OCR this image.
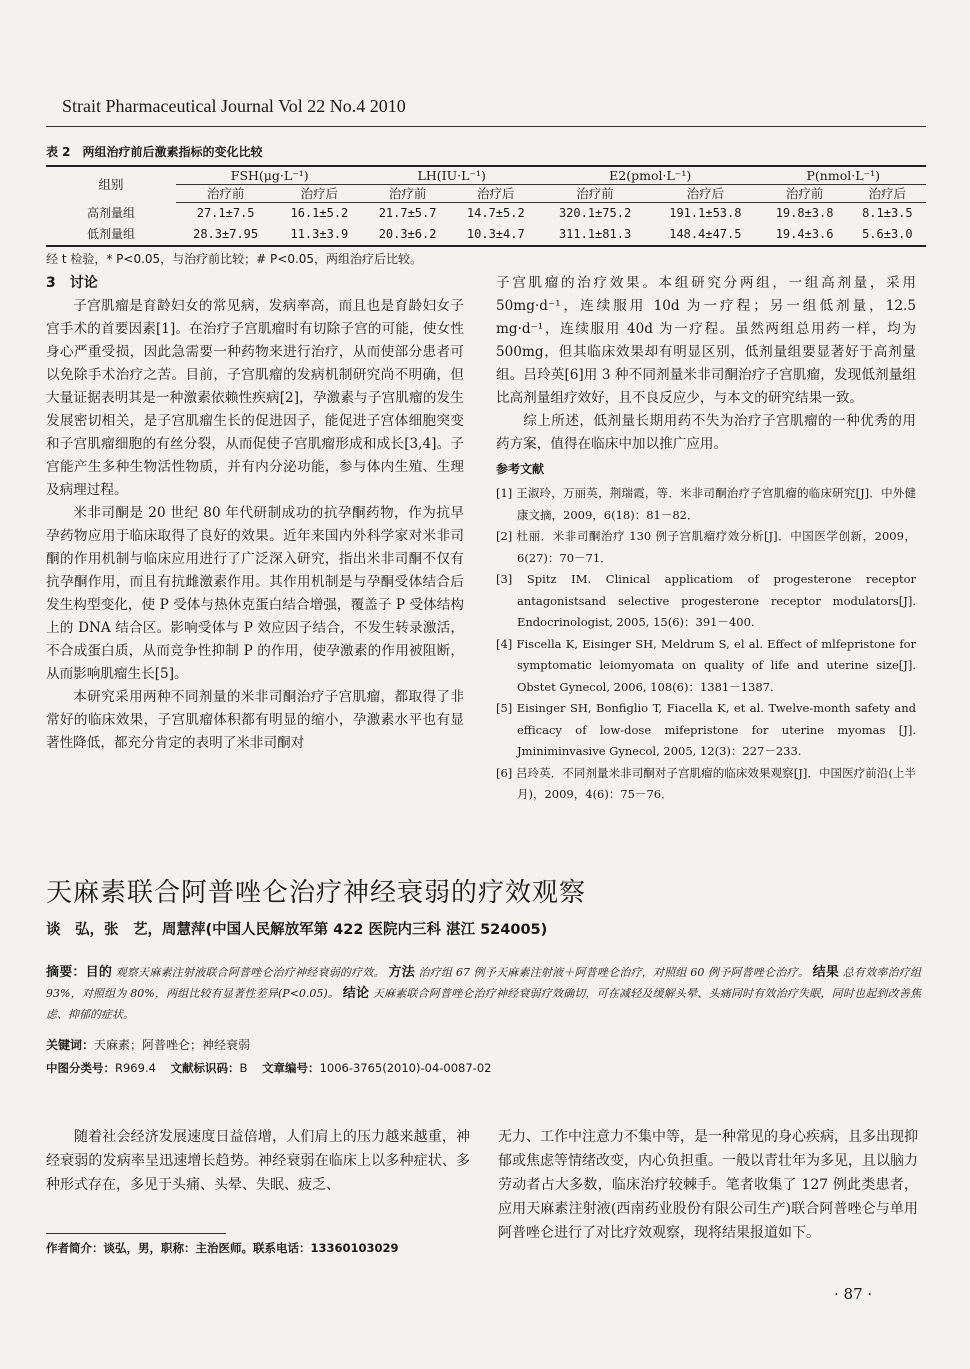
Strait Pharmaceutical Journal Vol 22 No.4 2010
表 2　两组治疗前后激素指标的变化比较
组别	FSH(μg·L⁻¹)		LH(IU·L⁻¹)		E2(pmol·L⁻¹)		P(nmol·L⁻¹)	
	治疗前	治疗后	治疗前	治疗后	治疗前	治疗后	治疗前	治疗后
高剂量组	27.1±7.5	16.1±5.2	21.7±5.7	14.7±5.2	320.1±75.2	191.1±53.8	19.8±3.8	8.1±3.5
低剂量组	28.3±7.95	11.3±3.9	20.3±6.2	10.3±4.7	311.1±81.3	148.4±47.5	19.4±3.6	5.6±3.0
经 t 检验，* P<0.05，与治疗前比较；# P<0.05，两组治疗后比较。
3　讨论

子宫肌瘤是育龄妇女的常见病，发病率高，而且也是育龄妇女子宫手术的首要因素[1]。在治疗子宫肌瘤时有切除子宫的可能，使女性身心严重受损，因此急需要一种药物来进行治疗，从而使部分患者可以免除手术治疗之苦。目前，子宫肌瘤的发病机制研究尚不明确，但大量证据表明其是一种激素依赖性疾病[2]，孕激素与子宫肌瘤的发生发展密切相关，是子宫肌瘤生长的促进因子，能促进子宫体细胞突变和子宫肌瘤细胞的有丝分裂，从而促使子宫肌瘤形成和成长[3,4]。子宫能产生多种生物活性物质，并有内分泌功能，参与体内生殖、生理及病理过程。

米非司酮是 20 世纪 80 年代研制成功的抗孕酮药物，作为抗早孕药物应用于临床取得了良好的效果。近年来国内外科学家对米非司酮的作用机制与临床应用进行了广泛深入研究，指出米非司酮不仅有抗孕酮作用，而且有抗雌激素作用。其作用机制是与孕酮受体结合后发生构型变化，使 P 受体与热休克蛋白结合增强，覆盖子 P 受体结构上的 DNA 结合区。影响受体与 P 效应因子结合，不发生转录激活，不合成蛋白质，从而竞争性抑制 P 的作用，使孕激素的作用被阻断，从而影响肌瘤生长[5]。

本研究采用两种不同剂量的米非司酮治疗子宫肌瘤，都取得了非常好的临床效果，子宫肌瘤体积都有明显的缩小，孕激素水平也有显著性降低，都充分肯定的表明了米非司酮对

子宫肌瘤的治疗效果。本组研究分两组，一组高剂量，采用 50mg·d⁻¹，连续服用 10d 为一疗程；另一组低剂量，12.5 mg·d⁻¹，连续服用 40d 为一疗程。虽然两组总用药一样，均为 500mg，但其临床效果却有明显区别，低剂量组要显著好于高剂量组。吕玲英[6]用 3 种不同剂量米非司酮治疗子宫肌瘤，发现低剂量组比高剂量组疗效好，且不良反应少，与本文的研究结果一致。

综上所述，低剂量长期用药不失为治疗子宫肌瘤的一种优秀的用药方案，值得在临床中加以推广应用。

参考文献
[1] 王淑玲，万丽英，荆瑞霞，等．米非司酮治疗子宫肌瘤的临床研究[J]．中外健康文摘，2009，6(18)：81－82．
[2] 杜丽．米非司酮治疗 130 例子宫肌瘤疗效分析[J]．中国医学创新，2009，6(27)：70－71．
[3] Spitz IM. Clinical applicatiom of progesterone receptor antagonistsand selective progesterone receptor modulators[J]. Endocrinologist, 2005, 15(6)：391－400.
[4] Fiscella K, Eisinger SH, Meldrum S, el al. Effect of mlfepristone for symptomatic leiomyomata on quality of life and uterine size[J]. Obstet Gynecol, 2006, 108(6)：1381－1387.
[5] Eisinger SH, Bonfiglio T, Fiacella K, et al. Twelve-month safety and efficacy of low-dose mifepristone for uterine myomas [J]. Jminiminvasive Gynecol, 2005, 12(3)：227－233.
[6] 吕玲英．不同剂量米非司酮对子宫肌瘤的临床效果观察[J]．中国医疗前沿(上半月)，2009，4(6)：75－76．
天麻素联合阿普唑仑治疗神经衰弱的疗效观察
谈　弘，张　艺，周慧萍(中国人民解放军第 422 医院内三科 湛江 524005)
摘要：目的 观察天麻素注射液联合阿普唑仑治疗神经衰弱的疗效。 方法 治疗组 67 例予天麻素注射液＋阿普唑仑治疗，对照组 60 例予阿普唑仑治疗。 结果 总有效率治疗组 93%，对照组为 80%，两组比较有显著性差异(P<0.05)。 结论 天麻素联合阿普唑仑治疗神经衰弱疗效确切，可在减轻及缓解头晕、头痛同时有效治疗失眠，同时也起到改善焦虑、抑郁的症状。
关键词：天麻素；阿普唑仑；神经衰弱
中图分类号：R969.4 文献标识码：B 文章编号：1006-3765(2010)-04-0087-02

随着社会经济发展速度日益倍增，人们肩上的压力越来越重，神经衰弱的发病率呈迅速增长趋势。神经衰弱在临床上以多种症状、多种形式存在，多见于头痛、头晕、失眠、疲乏、

无力、工作中注意力不集中等，是一种常见的身心疾病，且多出现抑郁或焦虑等情绪改变，内心负担重。一般以青壮年为多见，且以脑力劳动者占大多数，临床治疗较棘手。笔者收集了 127 例此类患者，应用天麻素注射液(西南药业股份有限公司生产)联合阿普唑仑与单用阿普唑仑进行了对比疗效观察，现将结果报道如下。

作者简介：谈弘，男，职称：主治医师。联系电话：13360103029
· 87 ·
